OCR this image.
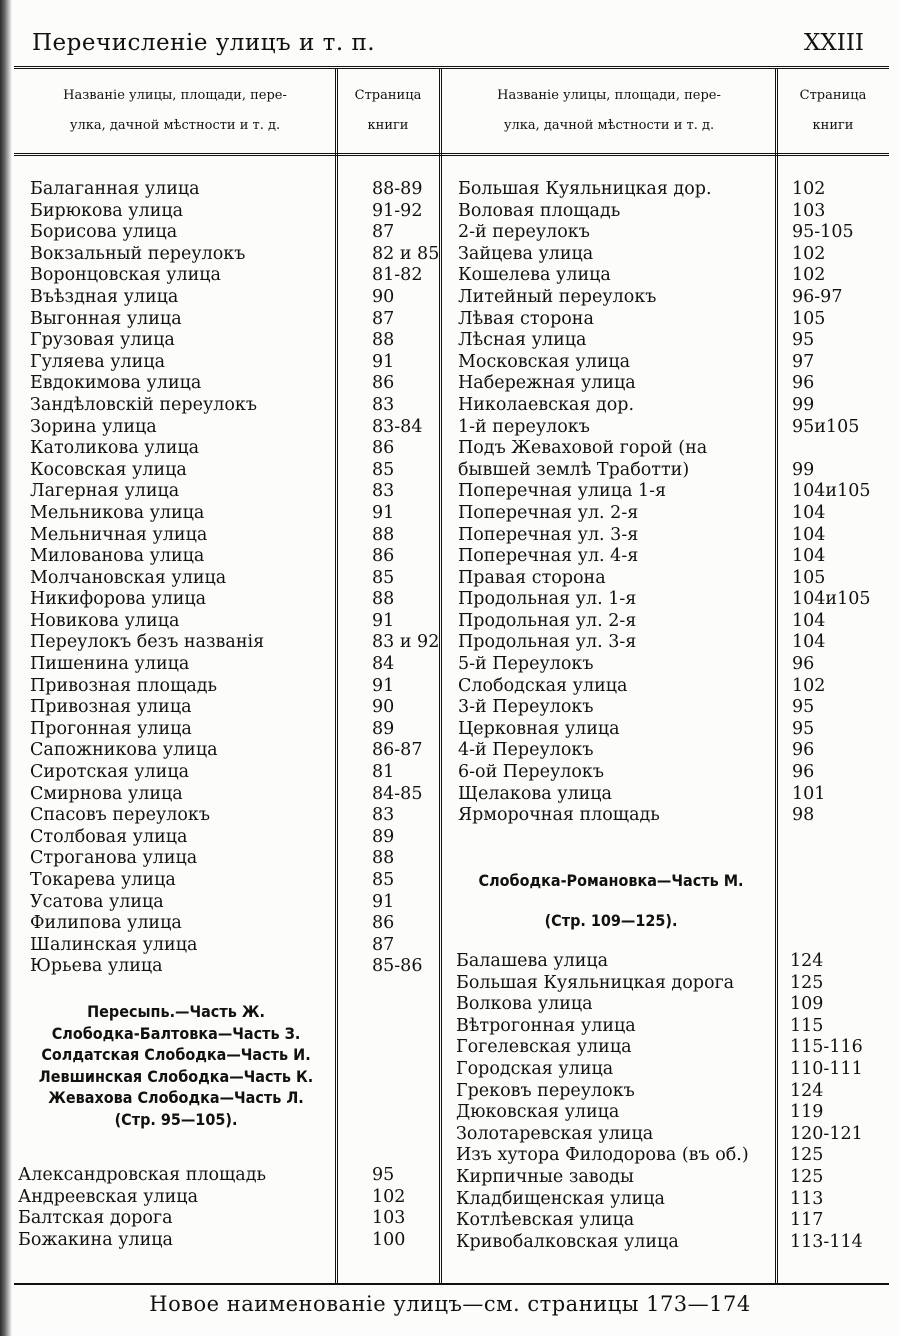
Перечисленіе улицъ и т. п.	XXIII
Названіе улицы, площади, пере-
улка, дачной мѣстности и т. д.
Страница
книги
Названіе улицы, площади, пере-
улка, дачной мѣстности и т. д.
Страница
книги
Балаганная улица	88-89
Бирюкова улица	91-92
Борисова улица	87
Вокзальный переулокъ	82 и 85
Воронцовская улица	81-82
Въѣздная улица	90
Выгонная улица	87
Грузовая улица	88
Гуляева улица	91
Евдокимова улица	86
Зандѣловскій переулокъ	83
Зорина улица	83-84
Католикова улица	86
Косовская улица	85
Лагерная улица	83
Мельникова улица	91
Мельничная улица	88
Милованова улица	86
Молчановская улица	85
Никифорова улица	88
Новикова улица	91
Переулокъ безъ названія	83 и 92
Пишенина улица	84
Привозная площадь	91
Привозная улица	90
Прогонная улица	89
Сапожникова улица	86-87
Сиротская улица	81
Смирнова улица	84-85
Спасовъ переулокъ	83
Столбовая улица	89
Строганова улица	88
Токарева улица	85
Усатова улица	91
Филипова улица	86
Шалинская улица	87
Юрьева улица	85-86
Пересыпь.—Часть Ж.
Слободка-Балтовка—Часть З.
Солдатская Слободка—Часть И.
Левшинская Слободка—Часть К.
Жевахова Слободка—Часть Л.
(Стр. 95—105).
Александровская площадь	95
Андреевская улица	102
Балтская дорога	103
Божакина улица	100
Большая Куяльницкая дор.	102
Воловая площадь	103
2-й переулокъ	95-105
Зайцева улица	102
Кошелева улица	102
Литейный переулокъ	96-97
Лѣвая сторона	105
Лѣсная улица	95
Московская улица	97
Набережная улица	96
Николаевская дор.	99
1-й переулокъ	95и105
Подъ Жевaховой горой (на
бывшей землѣ Тработти)	99
Поперечная улица 1-я	104и105
Поперечная ул. 2-я	104
Поперечная ул. 3-я	104
Поперечная ул. 4-я	104
Правая сторона	105
Продольная ул. 1-я	104и105
Продольная ул. 2-я	104
Продольная ул. 3-я	104
5-й Переулокъ	96
Слободская улица	102
3-й Переулокъ	95
Церковная улица	95
4-й Переулокъ	96
6-ой Переулокъ	96
Щелакова улица	101
Ярморочная площадь	98
Слободка-Романовка—Часть М.
(Стр. 109—125).
Балашева улица	124
Большая Куяльницкая дорога	125
Волкова улица	109
Вѣтрогонная улица	115
Гогелевская улица	115-116
Городская улица	110-111
Грековъ переулокъ	124
Дюковская улица	119
Золотаревская улица	120-121
Изъ хутора Филодорова (въ об.)	125
Кирпичные заводы	125
Кладбищенская улица	113
Котлѣевская улица	117
Кривобалковская улица	113-114
Новое наименованіе улицъ—см. страницы 173—174
